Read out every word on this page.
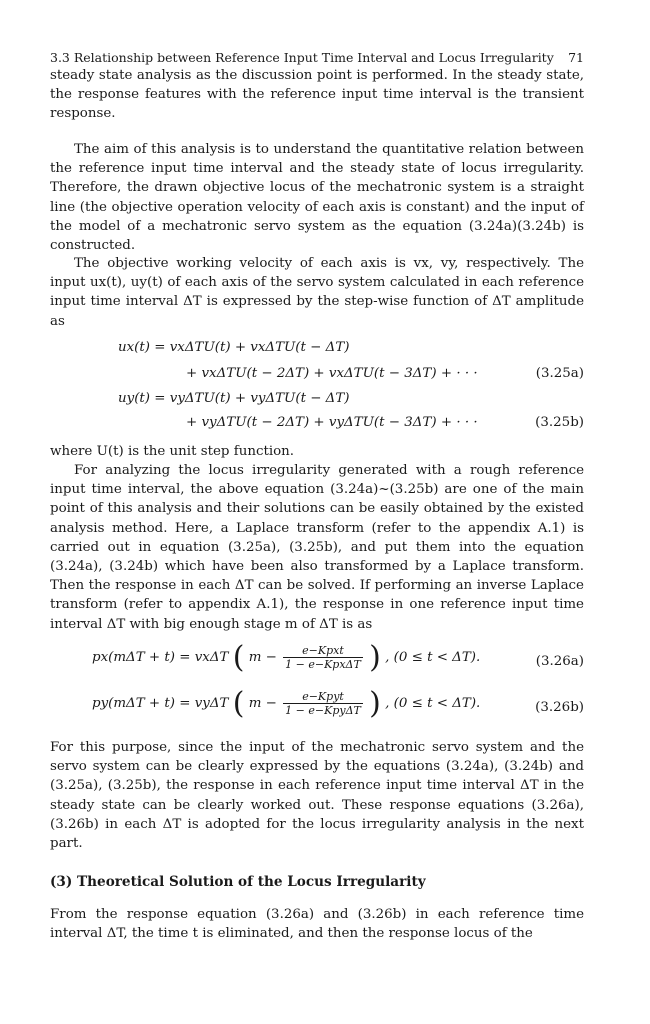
3.3 Relationship between Reference Input Time Interval and Locus Irregularity 71

steady state analysis as the discussion point is performed. In the steady state, the response features with the reference input time interval is the transient response.

The aim of this analysis is to understand the quantitative relation between the reference input time interval and the steady state of locus irregularity. Therefore, the drawn objective locus of the mechatronic system is a straight line (the objective operation velocity of each axis is constant) and the input of the model of a mechatronic servo system as the equation (3.24a)(3.24b) is constructed.

The objective working velocity of each axis is vx, vy, respectively. The input ux(t), uy(t) of each axis of the servo system calculated in each reference input time interval ΔT is expressed by the step-wise function of ΔT amplitude as

ux(t) = vxΔTU(t) + vxΔTU(t − ΔT)
+ vxΔTU(t − 2ΔT) + vxΔTU(t − 3ΔT) + · · ·	(3.25a)
uy(t) = vyΔTU(t) + vyΔTU(t − ΔT)
+ vyΔTU(t − 2ΔT) + vyΔTU(t − 3ΔT) + · · ·	(3.25b)

where U(t) is the unit step function.

For analyzing the locus irregularity generated with a rough reference input time interval, the above equation (3.24a)~(3.25b) are one of the main point of this analysis and their solutions can be easily obtained by the existed analysis method. Here, a Laplace transform (refer to the appendix A.1) is carried out in equation (3.25a), (3.25b), and put them into the equation (3.24a), (3.24b) which have been also transformed by a Laplace transform. Then the response in each ΔT can be solved. If performing an inverse Laplace transform (refer to appendix A.1), the response in one reference input time interval ΔT with big enough stage m of ΔT is as

px(mΔT + t) = vxΔT ( $m - \frac{\text{e−Kpxt}}{\text{1 − e−KpxΔT}}$ ) , (0 ≤ t < ΔT).	(3.26a)
py(mΔT + t) = vyΔT ( $m - \frac{\text{e−Kpyt}}{\text{1 − e−KpyΔT}}$ ) , (0 ≤ t < ΔT).	(3.26b)

For this purpose, since the input of the mechatronic servo system and the servo system can be clearly expressed by the equations (3.24a), (3.24b) and (3.25a), (3.25b), the response in each reference input time interval ΔT in the steady state can be clearly worked out. These response equations (3.26a), (3.26b) in each ΔT is adopted for the locus irregularity analysis in the next part.

(3) Theoretical Solution of the Locus Irregularity

From the response equation (3.26a) and (3.26b) in each reference time interval ΔT, the time t is eliminated, and then the response locus of the
